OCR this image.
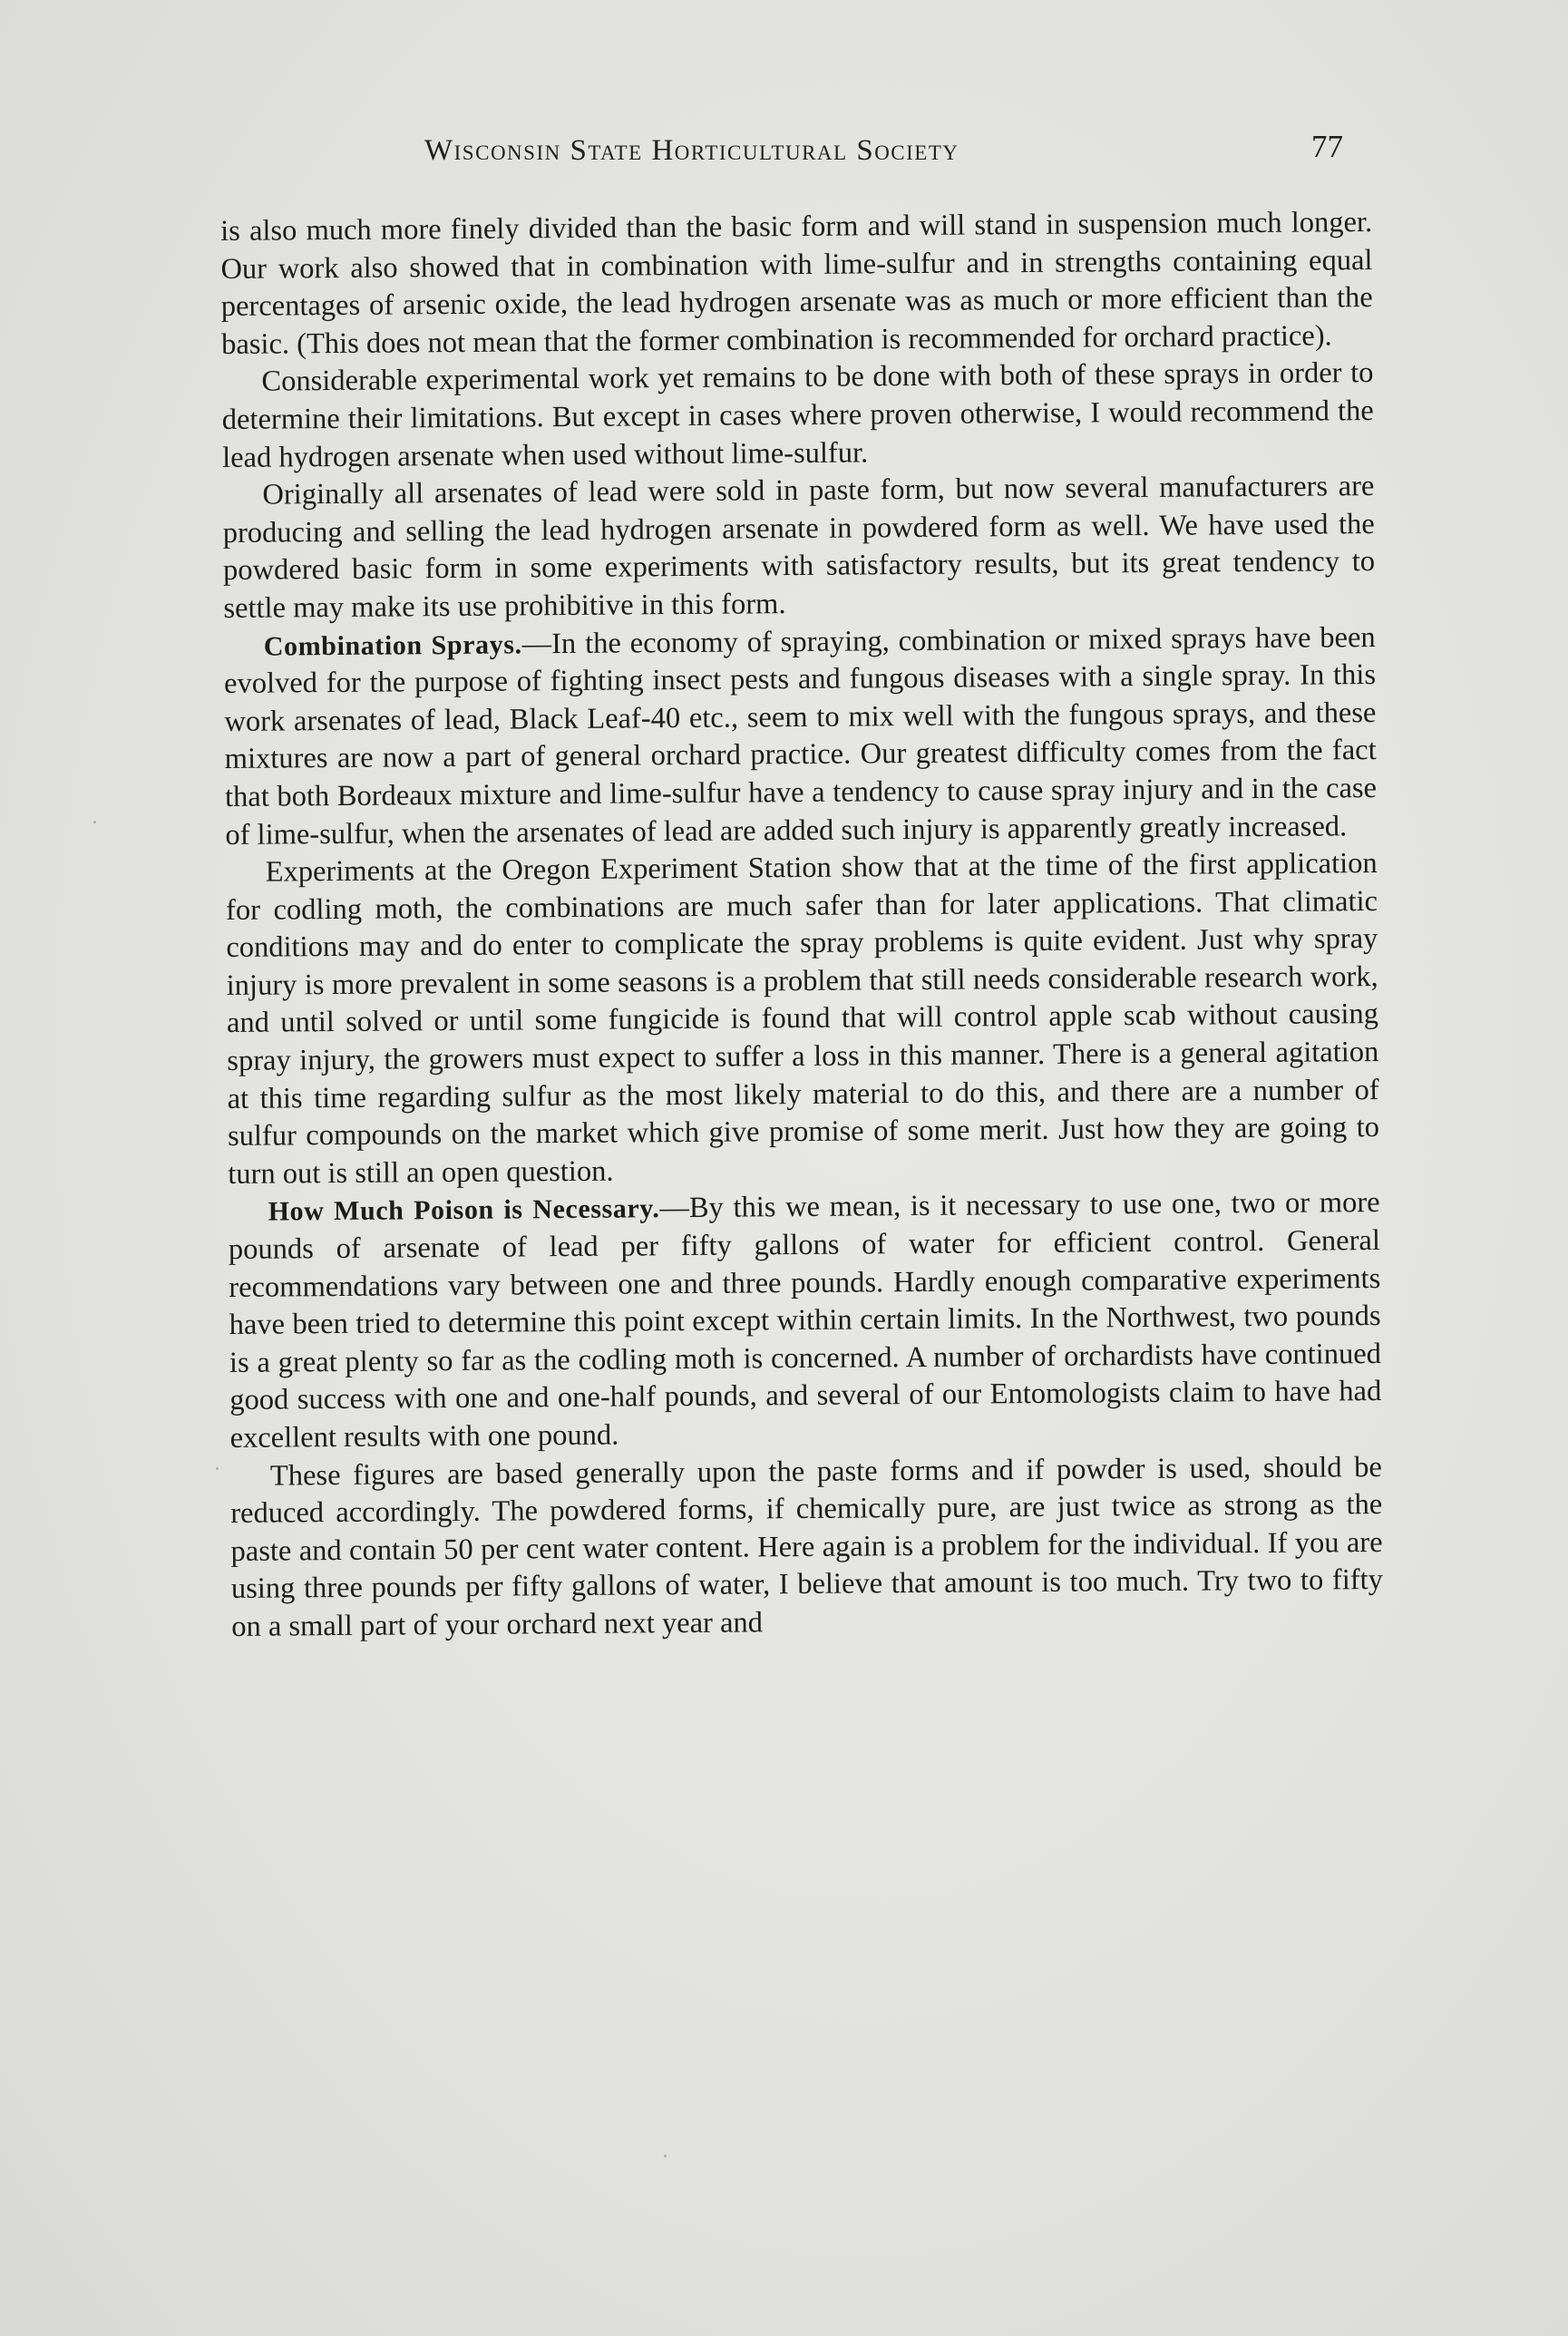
Wisconsin State Horticultural Society	77

is also much more finely divided than the basic form and will stand in suspension much longer. Our work also showed that in combination with lime-sulfur and in strengths containing equal percentages of arsenic oxide, the lead hydrogen arsenate was as much or more efficient than the basic. (This does not mean that the former combination is recommended for orchard practice).

Considerable experimental work yet remains to be done with both of these sprays in order to determine their limitations. But except in cases where proven otherwise, I would recommend the lead hydrogen arsenate when used without lime-sulfur.

Originally all arsenates of lead were sold in paste form, but now several manufacturers are producing and selling the lead hydrogen arsenate in powdered form as well. We have used the powdered basic form in some experiments with satisfactory results, but its great tendency to settle may make its use prohibitive in this form.

Combination Sprays.—In the economy of spraying, combination or mixed sprays have been evolved for the purpose of fighting insect pests and fungous diseases with a single spray. In this work arsenates of lead, Black Leaf-40 etc., seem to mix well with the fungous sprays, and these mixtures are now a part of general orchard practice. Our greatest difficulty comes from the fact that both Bordeaux mixture and lime-sulfur have a tendency to cause spray injury and in the case of lime-sulfur, when the arsenates of lead are added such injury is apparently greatly increased.

Experiments at the Oregon Experiment Station show that at the time of the first application for codling moth, the combinations are much safer than for later applications. That climatic conditions may and do enter to complicate the spray problems is quite evident. Just why spray injury is more prevalent in some seasons is a problem that still needs considerable research work, and until solved or until some fungicide is found that will control apple scab without causing spray injury, the growers must expect to suffer a loss in this manner. There is a general agitation at this time regarding sulfur as the most likely material to do this, and there are a number of sulfur compounds on the market which give promise of some merit. Just how they are going to turn out is still an open question.

How Much Poison is Necessary.—By this we mean, is it necessary to use one, two or more pounds of arsenate of lead per fifty gallons of water for efficient control. General recommendations vary between one and three pounds. Hardly enough comparative experiments have been tried to determine this point except within certain limits. In the Northwest, two pounds is a great plenty so far as the codling moth is concerned. A number of orchardists have continued good success with one and one-half pounds, and several of our Entomologists claim to have had excellent results with one pound.

These figures are based generally upon the paste forms and if powder is used, should be reduced accordingly. The powdered forms, if chemically pure, are just twice as strong as the paste and contain 50 per cent water content. Here again is a problem for the individual. If you are using three pounds per fifty gallons of water, I believe that amount is too much. Try two to fifty on a small part of your orchard next year and
